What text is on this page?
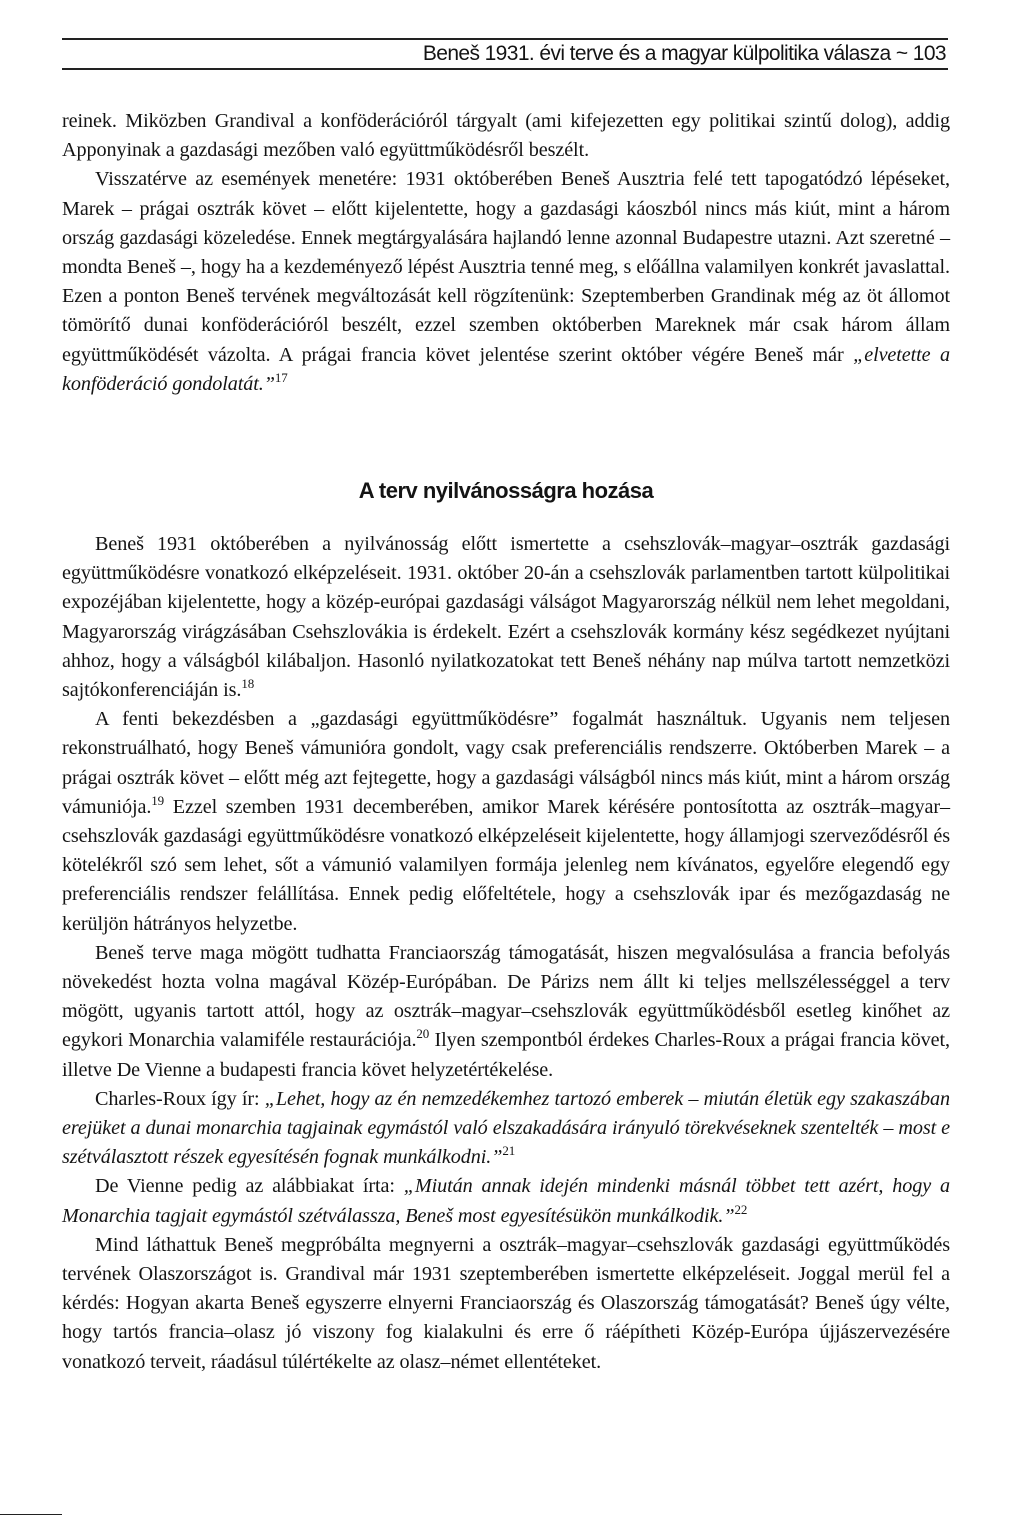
Beneš 1931. évi terve és a magyar külpolitika válasza ~ 103

reinek. Miközben Grandival a konföderációról tárgyalt (ami kifejezetten egy politikai szintű dolog), addig Apponyinak a gazdasági mezőben való együttműködésről beszélt.

Visszatérve az események menetére: 1931 októberében Beneš Ausztria felé tett tapogatódzó lépéseket, Marek – prágai osztrák követ – előtt kijelentette, hogy a gazdasági káoszból nincs más kiút, mint a három ország gazdasági közeledése. Ennek megtárgyalására hajlandó lenne azonnal Budapestre utazni. Azt szeretné – mondta Beneš –, hogy ha a kezdeményező lépést Ausztria tenné meg, s előállna valamilyen konkrét javaslattal. Ezen a ponton Beneš tervének megváltozását kell rögzítenünk: Szeptemberben Grandinak még az öt állomot tömörítő dunai konföderációról beszélt, ezzel szemben októberben Mareknek már csak három állam együttműködését vázolta. A prágai francia követ jelentése szerint október végére Beneš már „elvetette a konföderáció gondolatát.”$^{17}$

A terv nyilvánosságra hozása

Beneš 1931 októberében a nyilvánosság előtt ismertette a csehszlovák–magyar–osztrák gazdasági együttműködésre vonatkozó elképzeléseit. 1931. október 20-án a csehszlovák parlamentben tartott külpolitikai expozéjában kijelentette, hogy a közép-európai gazdasági válságot Magyarország nélkül nem lehet megoldani, Magyarország virágzásában Csehszlovákia is érdekelt. Ezért a csehszlovák kormány kész segédkezet nyújtani ahhoz, hogy a válságból kilábaljon. Hasonló nyilatkozatokat tett Beneš néhány nap múlva tartott nemzetközi sajtókonferenciáján is.$^{18}$

A fenti bekezdésben a „gazdasági együttműködésre” fogalmát használtuk. Ugyanis nem teljesen rekonstruálható, hogy Beneš vámunióra gondolt, vagy csak preferenciális rendszerre. Októberben Marek – a prágai osztrák követ – előtt még azt fejtegette, hogy a gazdasági válságból nincs más kiút, mint a három ország vámuniója.$^{19}$ Ezzel szemben 1931 decemberében, amikor Marek kérésére pontosította az osztrák–magyar–csehszlovák gazdasági együttműködésre vonatkozó elképzeléseit kijelentette, hogy államjogi szerveződésről és kötelékről szó sem lehet, sőt a vámunió valamilyen formája jelenleg nem kívánatos, egyelőre elegendő egy preferenciális rendszer felállítása. Ennek pedig előfeltétele, hogy a csehszlovák ipar és mezőgazdaság ne kerüljön hátrányos helyzetbe.

Beneš terve maga mögött tudhatta Franciaország támogatását, hiszen megvalósulása a francia befolyás növekedést hozta volna magával Közép-Európában. De Párizs nem állt ki teljes mellszélességgel a terv mögött, ugyanis tartott attól, hogy az osztrák–magyar–csehszlovák együttműködésből esetleg kinőhet az egykori Monarchia valamiféle restaurációja.$^{20}$ Ilyen szempontból érdekes Charles-Roux a prágai francia követ, illetve De Vienne a budapesti francia követ helyzetértékelése.

Charles-Roux így ír: „Lehet, hogy az én nemzedékemhez tartozó emberek – miután életük egy szakaszában erejüket a dunai monarchia tagjainak egymástól való elszakadására irányuló törekvéseknek szentelték – most e szétválasztott részek egyesítésén fognak munkálkodni.”$^{21}$

De Vienne pedig az alábbiakat írta: „Miután annak idején mindenki másnál többet tett azért, hogy a Monarchia tagjait egymástól szétválassza, Beneš most egyesítésükön munkálkodik.”$^{22}$

Mind láthattuk Beneš megpróbálta megnyerni a osztrák–magyar–csehszlovák gazdasági együttműködés tervének Olaszországot is. Grandival már 1931 szeptemberében ismertette elképzeléseit. Joggal merül fel a kérdés: Hogyan akarta Beneš egyszerre elnyerni Franciaország és Olaszország támogatását? Beneš úgy vélte, hogy tartós francia–olasz jó viszony fog kialakulni és erre ő ráépítheti Közép-Európa újjászervezésére vonatkozó terveit, ráadásul túlértékelte az olasz–német ellentéteket.
